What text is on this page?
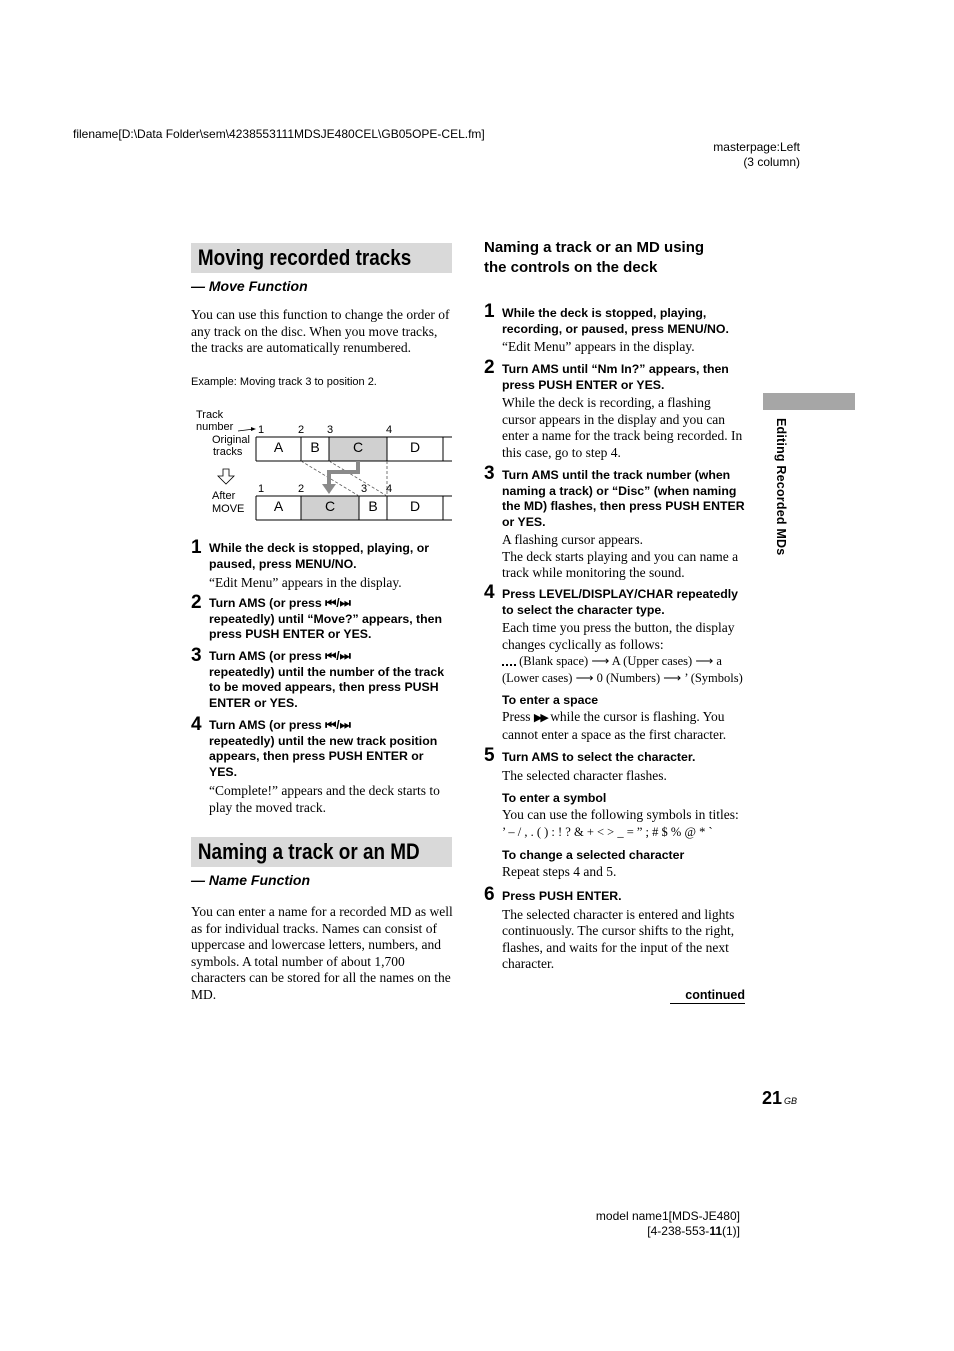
filename[D:\Data Folder\sem\4238553111MDSJE480CEL\GB05OPE-CEL.fm]
masterpage:Left
(3 column)
Moving recorded tracks
— Move Function
You can use this function to change the order of any track on the disc. When you move tracks, the tracks are automatically renumbered.
Example: Moving track 3 to position 2.
Track
number
Original
tracks
After
MOVE
1	2 3	4
A	B	C	D
1	2	3 4
A	C	B	D
1 While the deck is stopped, playing, or paused, press MENU/NO.
“Edit Menu” appears in the display.
2 Turn AMS (or press ⏮/⏭
repeatedly) until “Move?” appears, then press PUSH ENTER or YES.
3 Turn AMS (or press ⏮/⏭
repeatedly) until the number of the track to be moved appears, then press PUSH ENTER or YES.
4 Turn AMS (or press ⏮/⏭
repeatedly) until the new track position appears, then press PUSH ENTER or YES.
“Complete!” appears and the deck starts to play the moved track.
Naming a track or an MD
— Name Function
You can enter a name for a recorded MD as well as for individual tracks. Names can consist of uppercase and lowercase letters, numbers, and symbols. A total number of about 1,700 characters can be stored for all the names on the MD.
Naming a track or an MD using the controls on the deck
1 While the deck is stopped, playing, recording, or paused, press MENU/NO.
“Edit Menu” appears in the display.
2 Turn AMS until “Nm In?” appears, then press PUSH ENTER or YES.
While the deck is recording, a flashing cursor appears in the display and you can enter a name for the track being recorded. In this case, go to step 4.
3 Turn AMS until the track number (when naming a track) or “Disc” (when naming the MD) flashes, then press PUSH ENTER or YES.
A flashing cursor appears.
The deck starts playing and you can name a track while monitoring the sound.
4 Press LEVEL/DISPLAY/CHAR repeatedly to select the character type.
Each time you press the button, the display changes cyclically as follows:
(Blank space) ⟶ A (Upper cases) ⟶ a
(Lower cases) ⟶ 0 (Numbers) ⟶ ’ (Symbols)
To enter a space
Press ▶▶ while the cursor is flashing. You cannot enter a space as the first character.
5 Turn AMS to select the character.
The selected character flashes.
To enter a symbol
You can use the following symbols in titles:
’ – / , . ( ) : ! ? & + < > _ = ” ; # $ % @ * `
To change a selected character
Repeat steps 4 and 5.
6 Press PUSH ENTER.
The selected character is entered and lights continuously. The cursor shifts to the right, flashes, and waits for the input of the next character.
continued
Editing Recorded MDs
21 GB
model name1[MDS-JE480]
[4-238-553-11(1)]
